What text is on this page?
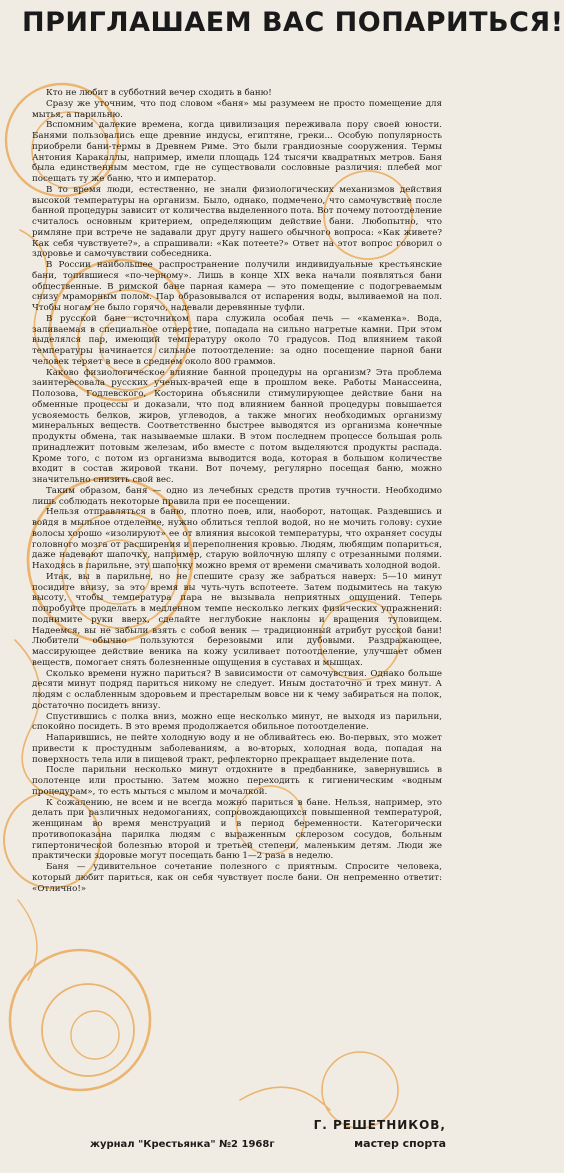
ПРИГЛАШАЕМ ВАС ПОПАРИТЬСЯ!

Кто не любит в субботний вечер сходить в баню!

Сразу же уточним, что под словом «баня» мы разумеем не просто помещение для мытья, а парильню.

Вспомним далекие времена, когда цивилизация переживала пору своей юности. Банями пользовались еще древние индусы, египтяне, греки... Особую популярность приобрели бани-термы в Древнем Риме. Это были грандиозные сооружения. Термы Антония Каракаллы, например, имели площадь 124 тысячи квадратных метров. Баня была единственным местом, где не существовали сословные различия: плебей мог посещать ту же баню, что и император.

В то время люди, естественно, не знали физиологических механизмов действия высокой температуры на организм. Было, однако, подмечено, что самочувствие после банной процедуры зависит от количества выделенного пота. Вот почему потоотделение считалось основным критерием, определяющим действие бани. Любопытно, что римляне при встрече не задавали друг другу нашего обычного вопроса: «Как живете? Как себя чувствуете?», а спрашивали: «Как потеете?» Ответ на этот вопрос говорил о здоровье и самочувствии собеседника.

В России наибольшее распространение получили индивидуальные крестьянские бани, топившиеся «по-черному». Лишь в конце XIX века начали появляться бани общественные. В римской бане парная камера — это помещение с подогреваемым снизу мраморным полом. Пар образовывался от испарения воды, выливаемой на пол. Чтобы ногам не было горячо, надевали деревянные туфли.

В русской бане источником пара служила особая печь — «каменка». Вода, заливаемая в специальное отверстие, попадала на сильно нагретые камни. При этом выделялся пар, имеющий температуру около 70 градусов. Под влиянием такой температуры начинается сильное потоотделение: за одно посещение парной бани человек теряет в весе в среднем около 800 граммов.

Каково физиологическое влияние банной процедуры на организм? Эта проблема заинтересовала русских ученых-врачей еще в прошлом веке. Работы Манассеина, Полозова, Годлевского, Косторина объяснили стимулирующее действие бани на обменные процессы и доказали, что под влиянием банной процедуры повышается усвояемость белков, жиров, углеводов, а также многих необходимых организму минеральных веществ. Соответственно быстрее выводятся из организма конечные продукты обмена, так называемые шлаки. В этом последнем процессе большая роль принадлежит потовым железам, ибо вместе с потом выделяются продукты распада. Кроме того, с потом из организма выводится вода, которая в большом количестве входит в состав жировой ткани. Вот почему, регулярно посещая баню, можно значительно снизить свой вес.

Таким образом, баня — одно из лечебных средств против тучности. Необходимо лишь соблюдать некоторые правила при ее посещении.

Нельзя отправляться в баню, плотно поев, или, наоборот, натощак. Раздевшись и войдя в мыльное отделение, нужно облиться теплой водой, но не мочить голову: сухие волосы хорошо «изолируют» ее от влияния высокой температуры, что охраняет сосуды головного мозга от расширения и переполнения кровью. Людям, любящим попариться, даже надевают шапочку, например, старую войлочную шляпу с отрезанными полями. Находясь в парильне, эту шапочку можно время от времени смачивать холодной водой.

Итак, вы в парильне, но не спешите сразу же забраться наверх: 5—10 минут посидите внизу, за это время вы чуть-чуть вспотеете. Затем подымитесь на такую высоту, чтобы температура пара не вызывала неприятных ощущений. Теперь попробуйте проделать в медленном темпе несколько легких физических упражнений: поднимите руки вверх, сделайте неглубокие наклоны и вращения туловищем. Надеемся, вы не забыли взять с собой веник — традиционный атрибут русской бани! Любители обычно пользуются березовыми или дубовыми. Раздражающее, массирующее действие веника на кожу усиливает потоотделение, улучшает обмен веществ, помогает снять болезненные ощущения в суставах и мышцах.

Сколько времени нужно париться? В зависимости от самочувствия. Однако больше десяти минут подряд париться никому не следует. Иным достаточно и трех минут. А людям с ослабленным здоровьем и престарелым вовсе ни к чему забираться на полок, достаточно посидеть внизу.

Спустившись с полка вниз, можно еще несколько минут, не выходя из парильни, спокойно посидеть. В это время продолжается обильное потоотделение.

Напарившись, не пейте холодную воду и не обливайтесь ею. Во-первых, это может привести к простудным заболеваниям, а во-вторых, холодная вода, попадая на поверхность тела или в пищевой тракт, рефлекторно прекращает выделение пота.

После парильни несколько минут отдохните в предбаннике, завернувшись в полотенце или простыню. Затем можно переходить к гигиеническим «водным процедурам», то есть мыться с мылом и мочалкой.

К сожалению, не всем и не всегда можно париться в бане. Нельзя, например, это делать при различных недомоганиях, сопровождающихся повышенной температурой, женщинам во время менструаций и в период беременности. Категорически противопоказана парилка людям с выраженным склерозом сосудов, больным гипертонической болезнью второй и третьей степени, маленьким детям. Люди же практически здоровые могут посещать баню 1—2 раза в неделю.

Баня — удивительное сочетание полезного с приятным. Спросите человека, который любит париться, как он себя чувствует после бани. Он непременно ответит: «Отлично!»

Г. РЕШЕТНИКОВ,
мастер спорта
журнал "Крестьянка" №2 1968г
